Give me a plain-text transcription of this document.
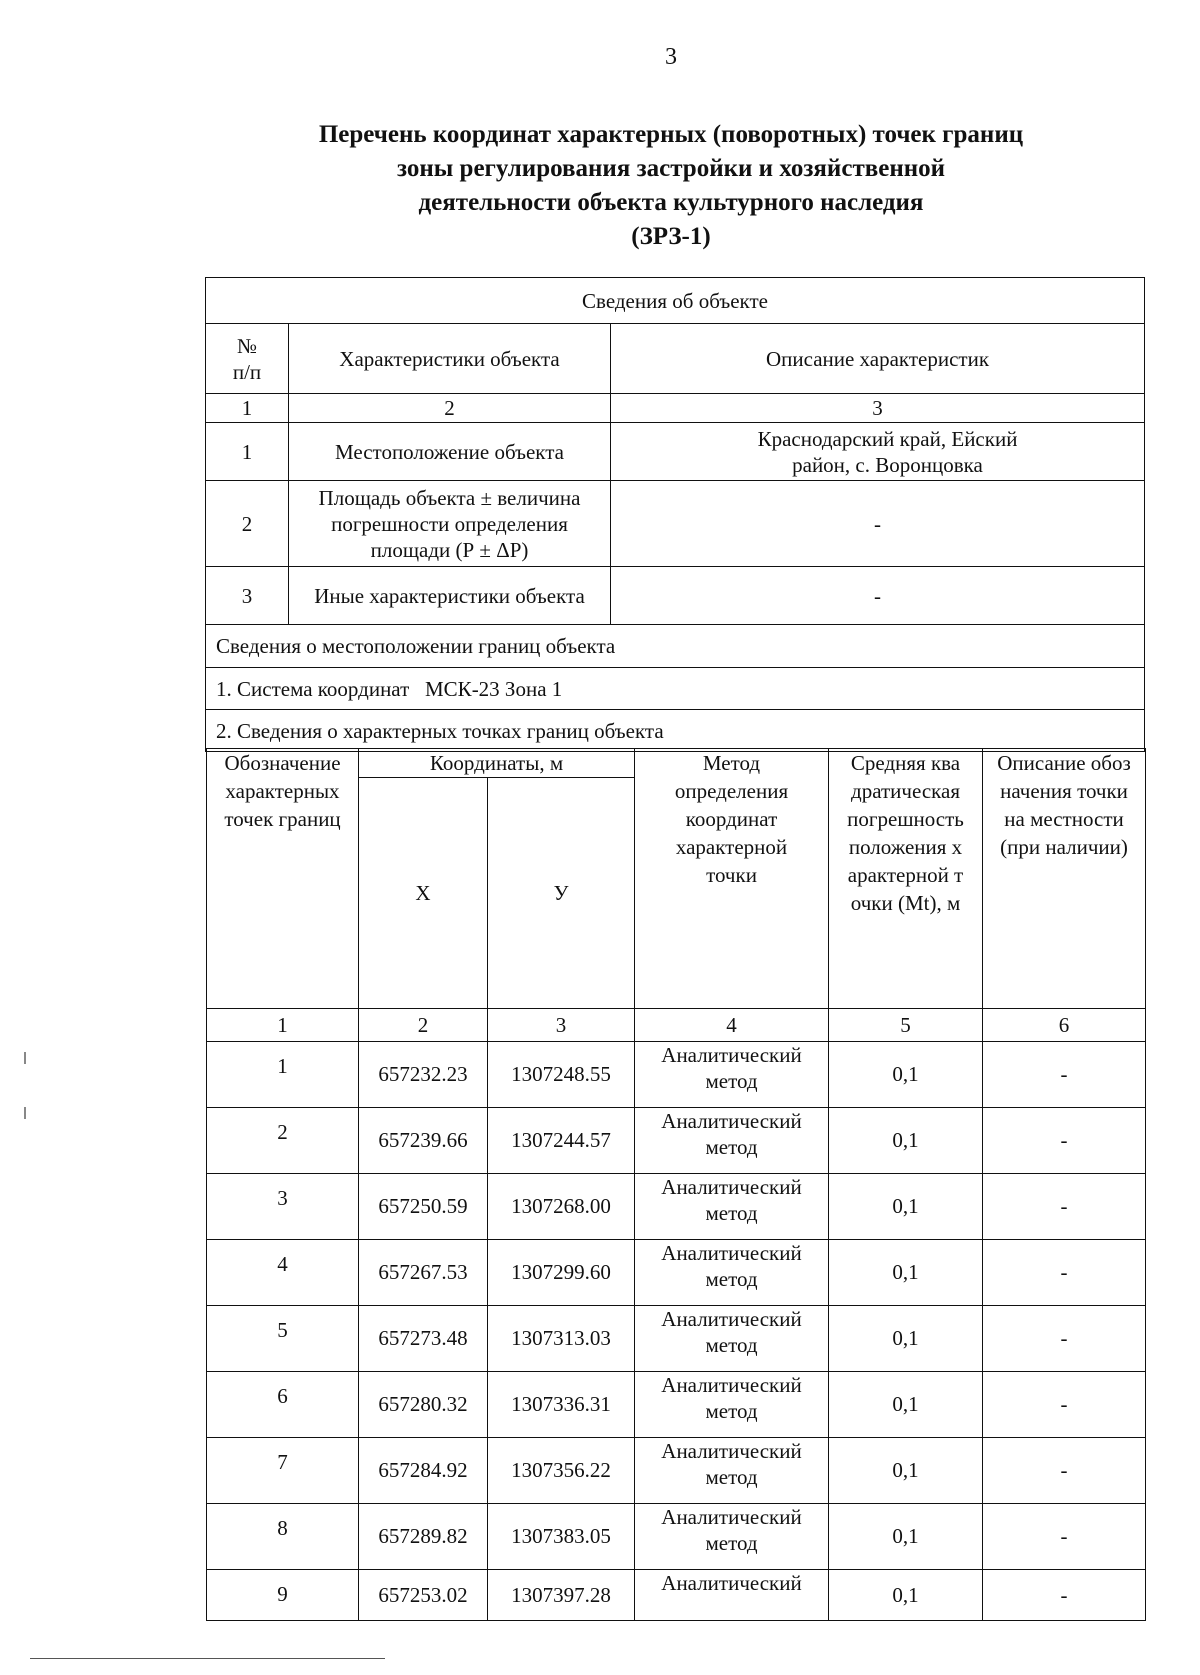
3
Перечень координат характерных (поворотных) точек границ
зоны регулирования застройки и хозяйственной
деятельности объекта культурного наследия
(ЗРЗ-1)
Сведения об объекте		
№ п/п	Характеристики объекта	Описание характеристик
1	2	3
1	Местоположение объекта	Краснодарский край, Ейский район, с. Воронцовка
2	Площадь объекта ± величина погрешности определения площади (Р ± ΔР)	-
3	Иные характеристики объекта	-
Сведения о местоположении границ объекта		
1. Система координат   МСК-23 Зона 1		
2. Сведения о характерных точках границ объекта		
Обозначение характерных точек границ	Координаты, м		Метод определения координат характерной точки	Средняя квадратическая погрешность положения характерной точки (Mt), м	Описание обозначения точки на местности (при наличии)
	Х	У			
1	2	3	4	5	6
1	657232.23	1307248.55	Аналитический метод	0,1	-
2	657239.66	1307244.57	Аналитический метод	0,1	-
3	657250.59	1307268.00	Аналитический метод	0,1	-
4	657267.53	1307299.60	Аналитический метод	0,1	-
5	657273.48	1307313.03	Аналитический метод	0,1	-
6	657280.32	1307336.31	Аналитический метод	0,1	-
7	657284.92	1307356.22	Аналитический метод	0,1	-
8	657289.82	1307383.05	Аналитический метод	0,1	-
9	657253.02	1307397.28	Аналитический	0,1	-
